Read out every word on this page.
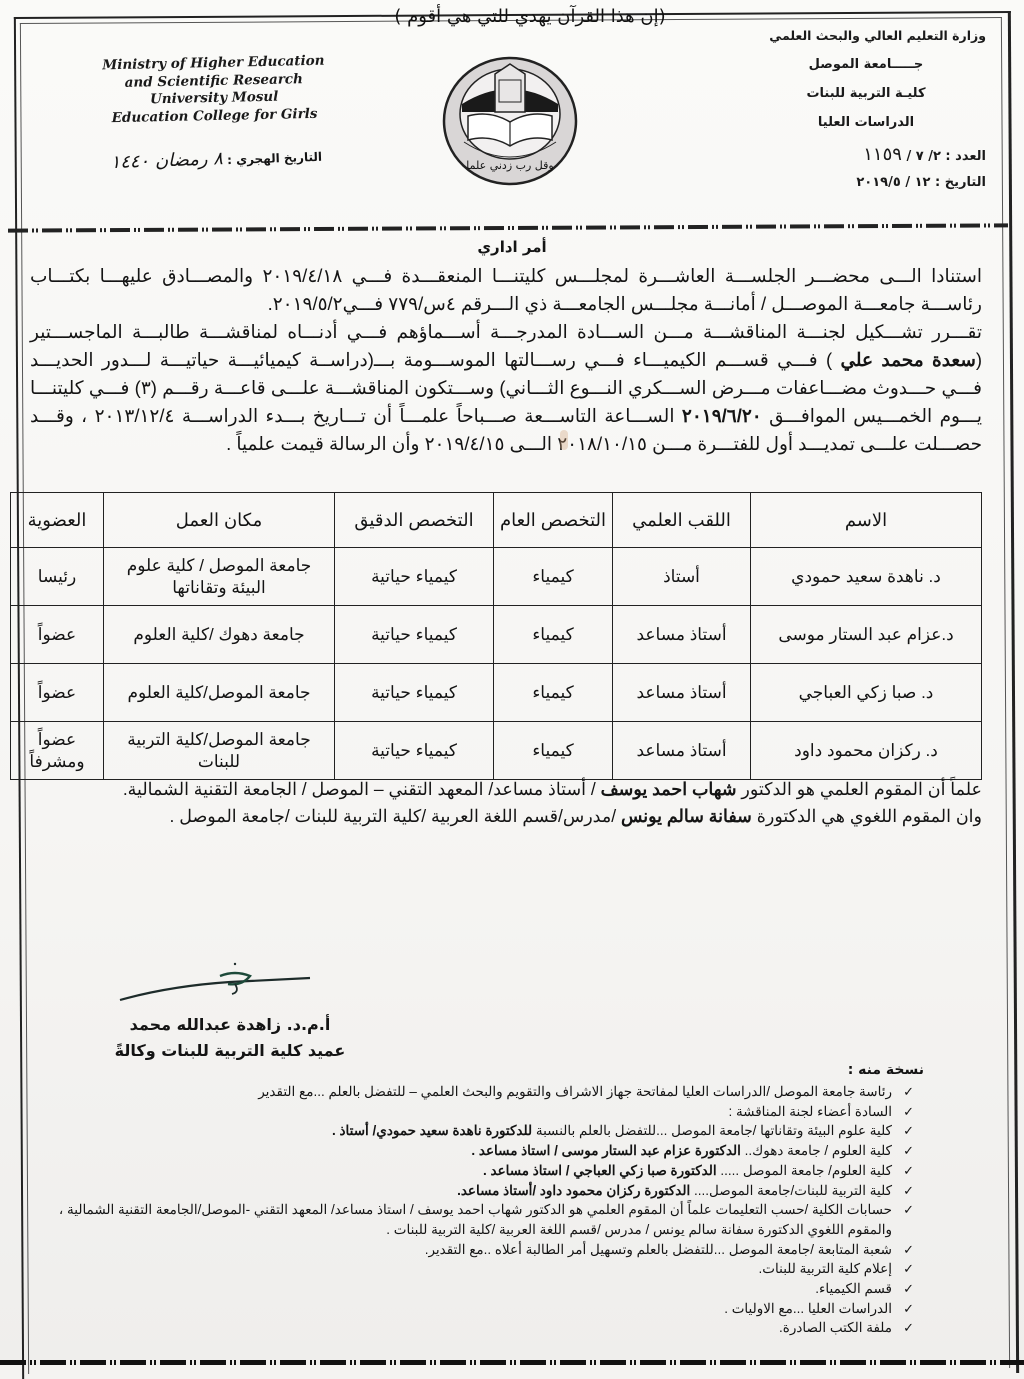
(إن هذا القرآن يهدي للتي هي أقوم )
Ministry of Higher Education
and Scientific Research
University Mosul
Education College for Girls
وقل رب زدني علما
وزارة التعليم العالي والبحث العلمي
جـــــامعة الموصل
كليـة التربية للبنات
الدراسات العليا
العدد : ٢/ ٧ / ١١٥٩
التاريخ : ١٢ / ٢٠١٩/٥
التاريخ الهجري : ٨ رمضان ١٤٤٠
أمر اداري

استنادا الـــى محضـــر الجلســـة العاشـــرة لمجلـــس كليتنـــا المنعقـــدة فـــي ٢٠١٩/٤/١٨ والمصـــادق عليهـــا بكتـــاب رئاســـة جامعـــة الموصـــل / أمانـــة مجلـــس الجامعـــة ذي الـــرقم ٤س/٧٧٩ فـــي٢٠١٩/٥/٢.

تقـــرر تشـــكيل لجنـــة المناقشـــة مـــن الســـادة المدرجـــة أســـماؤهم فـــي أدنـــاه لمناقشـــة طالبـــة الماجســـتير (سعدة محمد علي ) فـــي قســـم الكيميـــاء فـــي رســـالتها الموســـومة بـــ(دراســة كيميائيـــة حياتيـــة لـــدور الحديـــد فـــي حـــدوث مضـــاعفات مـــرض الســـكري النـــوع الثـــاني) وســـتكون المناقشـــة علـــى قاعـــة رقـــم (٣) فـــي كليتنـــا يـــوم الخمـــيس الموافـــق ٢٠١٩/٦/٢٠ الســـاعة التاســـعة صـــباحاً علمـــاً أن تـــاريخ بـــدء الدراســـة ٢٠١٣/١٢/٤ ، وقـــد حصـــلت علـــى تمديـــد أول للفتـــرة مـــن ٢٠١٨/١٠/١٥ الـــى ٢٠١٩/٤/١٥ وأن الرسالة قيمت علمياً .

الاسم	اللقب العلمي	التخصص العام	التخصص الدقيق	مكان العمل	العضوية
د. ناهدة سعيد حمودي	أستاذ	كيمياء	كيمياء حياتية	جامعة الموصل / كلية علوم البيئة وتقاناتها	رئيسا
د.عزام عبد الستار موسى	أستاذ مساعد	كيمياء	كيمياء حياتية	جامعة دهوك /كلية العلوم	عضواً
د. صبا زكي العباجي	أستاذ مساعد	كيمياء	كيمياء حياتية	جامعة الموصل/كلية العلوم	عضواً
د. ركزان محمود داود	أستاذ مساعد	كيمياء	كيمياء حياتية	جامعة الموصل/كلية التربية للبنات	عضواً ومشرفاً

علماً أن المقوم العلمي هو الدكتور شهاب احمد يوسف / أستاذ مساعد/ المعهد التقني – الموصل / الجامعة التقنية الشمالية.

وان المقوم اللغوي هي الدكتورة سفانة سالم يونس /مدرس/قسم اللغة العربية /كلية التربية للبنات /جامعة الموصل .

أ.م.د. زاهدة عبدالله محمد
عميد كلية التربية للبنات وكالةً
نسخة منه :
✓
رئاسة جامعة الموصل /الدراسات العليا لمفاتحة جهاز الاشراف والتقويم والبحث العلمي – للتفضل بالعلم ...مع التقدير
✓
السادة أعضاء لجنة المناقشة :
✓
كلية علوم البيئة وتقاناتها /جامعة الموصل ...للتفضل بالعلم بالنسبة للدكتورة ناهدة سعيد حمودي/ أستاذ .
✓
كلية العلوم / جامعة دهوك.. الدكتورة عزام عبد الستار موسى / استاذ مساعد .
✓
كلية العلوم/ جامعة الموصل ..... الدكتورة صبا زكي العباجي / استاذ مساعد .
✓
كلية التربية للبنات/جامعة الموصل.... الدكتورة ركزان محمود داود /أستاذ مساعد.
✓
حسابات الكلية /حسب التعليمات علماً أن المقوم العلمي هو الدكتور شهاب احمد يوسف / استاذ مساعد/ المعهد التقني -الموصل/الجامعة التقنية الشمالية ، والمقوم اللغوي الدكتورة سفانة سالم يونس / مدرس /قسم اللغة العربية /كلية التربية للبنات .
✓
شعبة المتابعة /جامعة الموصل ...للتفضل بالعلم وتسهيل أمر الطالبة أعلاه ..مع التقدير.
✓
إعلام كلية التربية للبنات.
✓
قسم الكيمياء.
✓
الدراسات العليا ...مع الاوليات .
✓
ملفة الكتب الصادرة.
